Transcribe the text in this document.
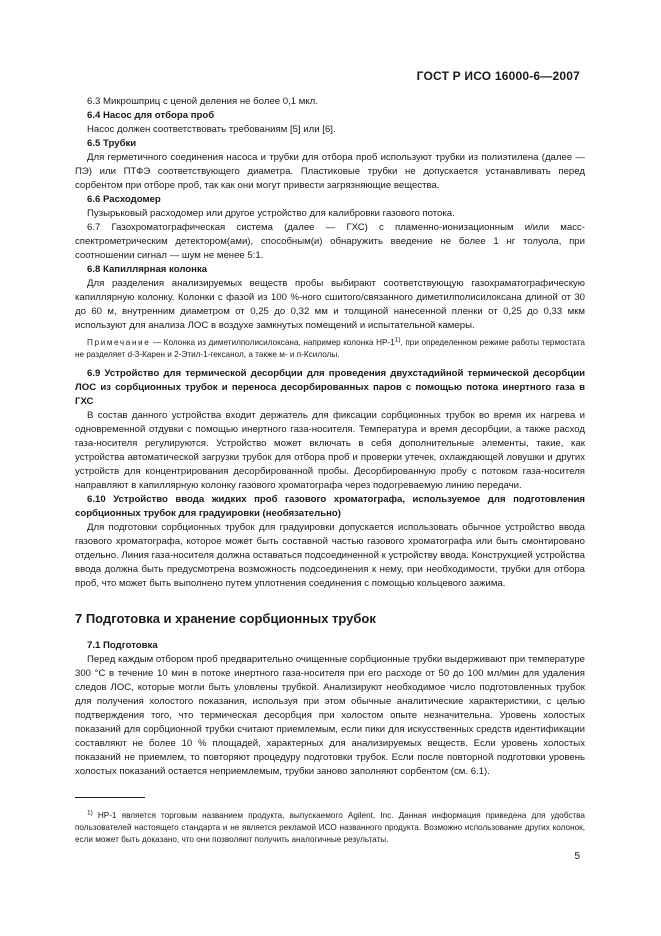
ГОСТ Р ИСО 16000-6—2007

6.3 Микрошприц с ценой деления не более 0,1 мкл.

6.4 Насос для отбора проб

Насос должен соответствовать требованиям [5] или [6].

6.5 Трубки

Для герметичного соединения насоса и трубки для отбора проб используют трубки из полиэтилена (далее — ПЭ) или ПТФЭ соответствующего диаметра. Пластиковые трубки не допускается устанавливать перед сорбентом при отборе проб, так как они могут привести загрязняющие вещества.

6.6 Расходомер

Пузырьковый расходомер или другое устройство для калибровки газового потока.

6.7 Газохроматографическая система (далее — ГХС) с пламенно-ионизационным и/или масс-спектрометрическим детектором(ами), способным(и) обнаружить введение не более 1 нг толуола, при соотношении сигнал — шум не менее 5:1.

6.8 Капиллярная колонка

Для разделения анализируемых веществ пробы выбирают соответствующую газохраматографическую капиллярную колонку. Колонки с фазой из 100 %-ного сшитого/связанного диметилполисилоксана длиной от 30 до 60 м, внутренним диаметром от 0,25 до 0,32 мм и толщиной нанесенной пленки от 0,25 до 0,33 мкм используют для анализа ЛОС в воздухе замкнутых помещений и испытательной камеры.

Примечание — Колонка из диметилполисилоксана, например колонка HP-1$^{1)}$, при определенном режиме работы термостата не разделяет d-3-Карен и 2-Этил-1-гексанол, а также м- и п-Ксилолы.

6.9 Устройство для термической десорбции для проведения двухстадийной термической десорбции ЛОС из сорбционных трубок и переноса десорбированных паров с помощью потока инертного газа в ГХС

В состав данного устройства входит держатель для фиксации сорбционных трубок во время их нагрева и одновременной отдувки с помощью инертного газа-носителя. Температура и время десорбции, а также расход газа-носителя регулируются. Устройство может включать в себя дополнительные элементы, такие, как устройства автоматической загрузки трубок для отбора проб и проверки утечек, охлаждающей ловушки и других устройств для концентрирования десорбированной пробы. Десорбированную пробу с потоком газа-носителя направляют в капиллярную колонку газового хроматографа через подогреваемую линию передачи.

6.10 Устройство ввода жидких проб газового хроматографа, используемое для подготовления сорбционных трубок для градуировки (необязательно)

Для подготовки сорбционных трубок для градуировки допускается использовать обычное устройство ввода газового хроматографа, которое может быть составной частью газового хроматографа или быть смонтировано отдельно. Линия газа-носителя должна оставаться подсоединенной к устройству ввода. Конструкцией устройства ввода должна быть предусмотрена возможность подсоединения к нему, при необходимости, трубки для отбора проб, что может быть выполнено путем уплотнения соединения с помощью кольцевого зажима.

7 Подготовка и хранение сорбционных трубок

7.1 Подготовка

Перед каждым отбором проб предварительно очищенные сорбционные трубки выдерживают при температуре 300 °С в течение 10 мин в потоке инертного газа-носителя при его расходе от 50 до 100 мл/мин для удаления следов ЛОС, которые могли быть уловлены трубкой. Анализируют необходимое число подготовленных трубок для получения холостого показания, используя при этом обычные аналитические характеристики, с целью подтверждения того, что термическая десорбция при холостом опыте незначительна. Уровень холостых показаний для сорбционной трубки считают приемлемым, если пики для искусственных средств идентификации составляют не более 10 % площадей, характерных для анализируемых веществ. Если уровень холостых показаний не приемлем, то повторяют процедуру подготовки трубок. Если после повторной подготовки уровень холостых показаний остается неприемлемым, трубки заново заполняют сорбентом (см. 6.1).

$^{1)}$ HP-1 является торговым названием продукта, выпускаемого Agilent, Inc. Данная информация приведена для удобства пользователей настоящего стандарта и не является рекламой ИСО названного продукта. Возможно использование других колонок, если может быть доказано, что они позволяют получить аналогичные результаты.

5
